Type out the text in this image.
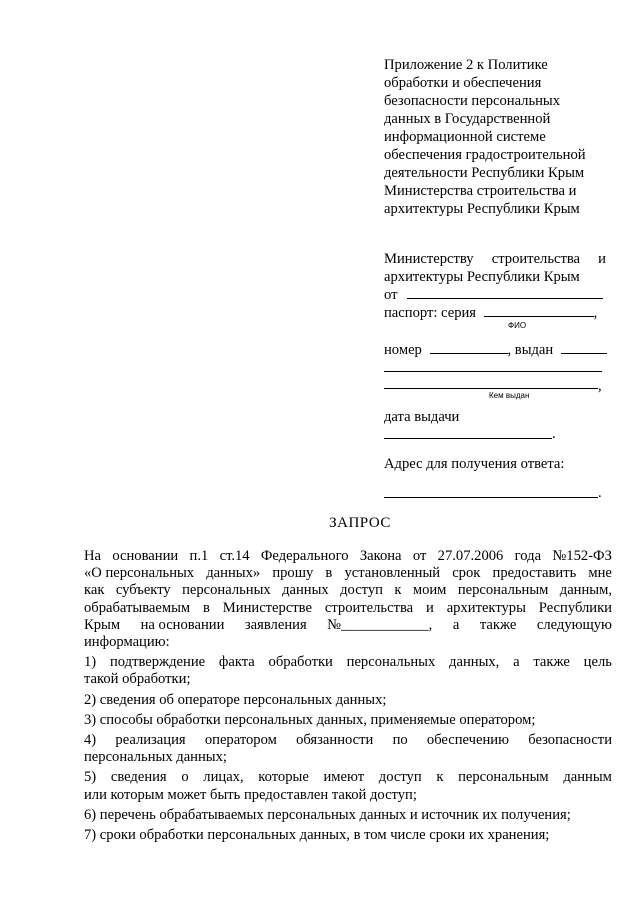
Приложение 2 к Политике
обработки и обеспечения
безопасности персональных
данных в Государственной
информационной системе
обеспечения градостроительной
деятельности Республики Крым
Министерства строительства и
архитектуры Республики Крым
Министерству строительства и
архитектуры Республики Крым
от
паспорт: серия	,
ФИО
номер	, выдан
,
Кем выдан
дата выдачи
.
Адрес для получения ответа:
.
ЗАПРОС
На основании п.1 ст.14 Федерального Закона от 27.07.2006 года №152-ФЗ
«О персональных данных» прошу в установленный срок предоставить мне
как субъекту персональных данных доступ к моим персональным данным,
обрабатываемым в Министерстве строительства и архитектуры Республики
Крым на основании заявления №____________, а также следующую
информацию:
1) подтверждение факта обработки персональных данных, а также цель
такой обработки;
2) сведения об операторе персональных данных;
3) способы обработки персональных данных, применяемые оператором;
4) реализация оператором обязанности по обеспечению безопасности
персональных данных;
5) сведения о лицах, которые имеют доступ к персональным данным
или которым может быть предоставлен такой доступ;
6) перечень обрабатываемых персональных данных и источник их получения;
7) сроки обработки персональных данных, в том числе сроки их хранения;
